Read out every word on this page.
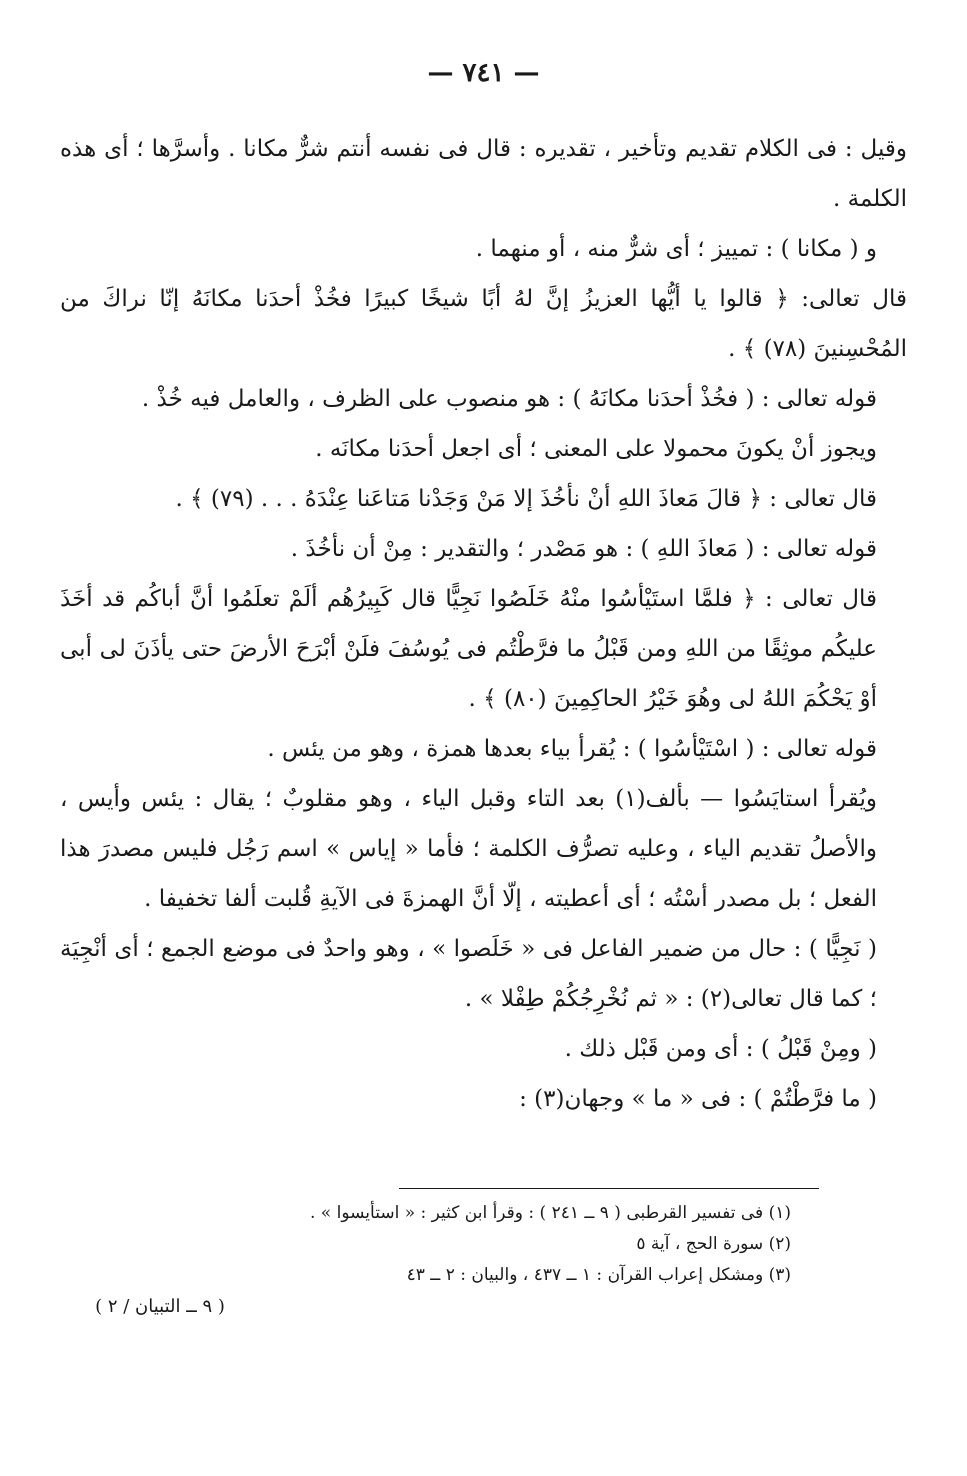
— ٧٤١ —

وقيل : فى الكلام تقديم وتأخير ، تقديره : قال فى نفسه أنتم شرٌّ مكانا . وأسرَّها ؛ أى هذه الكلمة .

و ( مكانا ) : تمييز ؛ أى شرٌّ منه ، أو منهما .

قال تعالى: ﴿ قالوا يا أيُّها العزيزُ إنَّ لهُ أبًا شيخًا كبيرًا فخُذْ أحدَنا مكانَهُ إنّا نراكَ من المُحْسِنينَ (٧٨) ﴾ .

قوله تعالى : ( فخُذْ أحدَنا مكانَهُ ) : هو منصوب على الظرف ، والعامل فيه خُذْ .

ويجوز أنْ يكونَ محمولا على المعنى ؛ أى اجعل أحدَنا مكانَه .

قال تعالى : ﴿ قالَ مَعاذَ اللهِ أنْ نأخُذَ إلا مَنْ وَجَدْنا مَتاعَنا عِنْدَهُ . . . (٧٩) ﴾ .

قوله تعالى : ( مَعاذَ اللهِ ) : هو مَصْدر ؛ والتقدير : مِنْ أن نأخُذَ .

قال تعالى : ﴿ فلمَّا استَيْأسُوا منْهُ خَلَصُوا نَجِيًّا قال كَبِيرُهُم ألَمْ تعلَمُوا أنَّ أباكُم قد أخَذَ عليكُم موثِقًا من اللهِ ومن قَبْلُ ما فرَّطْتُم فى يُوسُفَ فلَنْ أبْرَحَ الأرضَ حتى يأذَنَ لى أبى أوْ يَحْكُمَ اللهُ لى وهُوَ خَيْرُ الحاكِمِينَ (٨٠) ﴾ .

قوله تعالى : ( اسْتَيْأسُوا ) : يُقرأ بياء بعدها همزة ، وهو من يئس .

ويُقرأ استايَسُوا — بألف(١) بعد التاء وقبل الياء ، وهو مقلوبٌ ؛ يقال : يئس وأيس ، والأصلُ تقديم الياء ، وعليه تصرُّف الكلمة ؛ فأما « إياس » اسم رَجُل فليس مصدرَ هذا الفعل ؛ بل مصدر أسْتُه ؛ أى أعطيته ، إلّا أنَّ الهمزةَ فى الآيةِ قُلبت ألفا تخفيفا .

( نَجِيًّا ) : حال من ضمير الفاعل فى « خَلَصوا » ، وهو واحدٌ فى موضع الجمع ؛ أى أنْجِيَة ؛ كما قال تعالى(٢) : « ثم نُخْرِجُكُمْ طِفْلا » .

( ومِنْ قَبْلُ ) : أى ومن قَبْل ذلك .

( ما فرَّطْتُمْ ) : فى « ما » وجهان(٣) :

(١) فى تفسير القرطبى ( ٩ ــ ٢٤١ ) : وقرأ ابن كثير : « استأيسوا » .

(٢) سورة الحج ، آية ٥

(٣) ومشكل إعراب القرآن : ١ ــ ٤٣٧ ، والبيان : ٢ ــ ٤٣

( ٩ ــ التبيان / ٢ )
